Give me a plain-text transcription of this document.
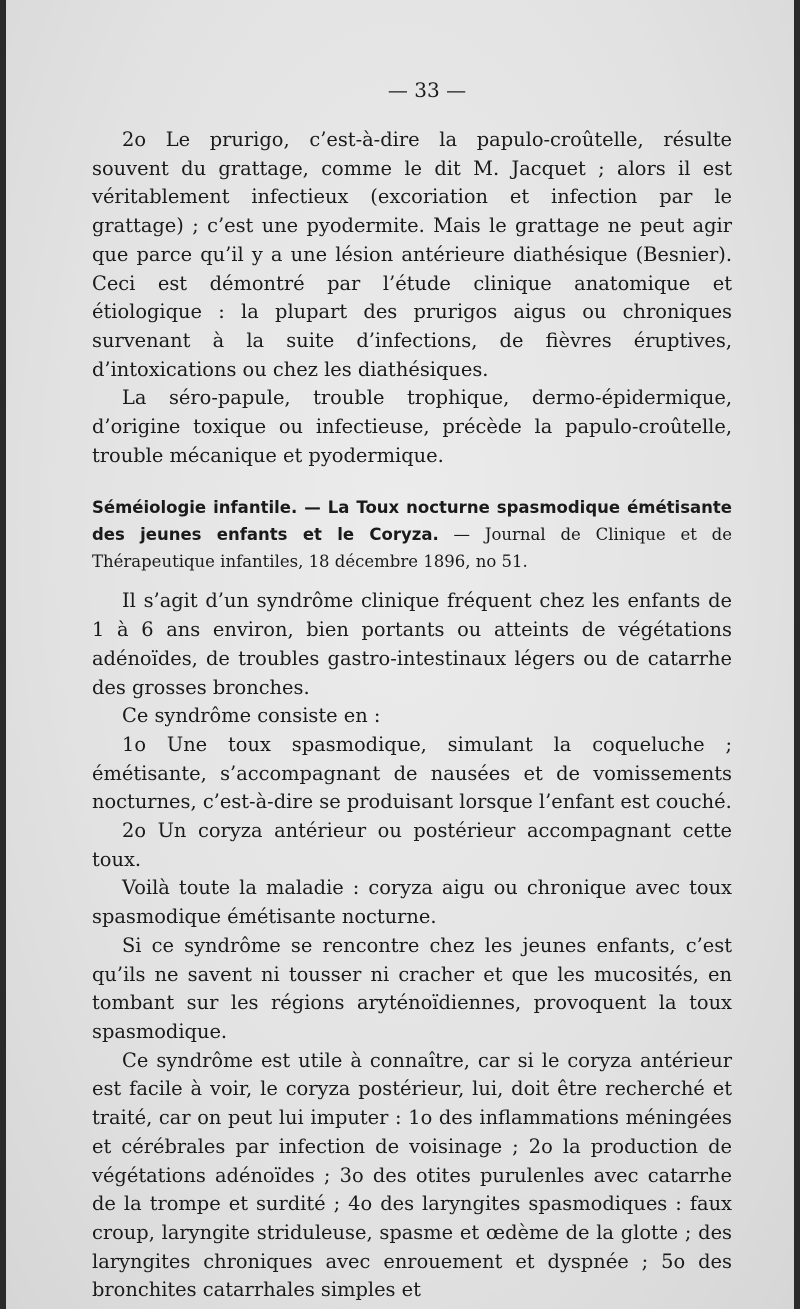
— 33 —

2o Le prurigo, c’est-à-dire la papulo-croûtelle, résulte souvent du grattage, comme le dit M. Jacquet ; alors il est véritablement infectieux (excoriation et infection par le grattage) ; c’est une pyodermite. Mais le grattage ne peut agir que parce qu’il y a une lésion antérieure diathésique (Besnier). Ceci est démontré par l’étude clinique anatomique et étiologique : la plupart des prurigos aigus ou chroniques survenant à la suite d’infections, de fièvres éruptives, d’intoxications ou chez les diathésiques.

La séro-papule, trouble trophique, dermo-épidermique, d’origine toxique ou infectieuse, précède la papulo-croûtelle, trouble mécanique et pyodermique.

Séméiologie infantile. — La Toux nocturne spasmodique émétisante des jeunes enfants et le Coryza. — Journal de Clinique et de Thérapeutique infantiles, 18 décembre 1896, no 51.

Il s’agit d’un syndrôme clinique fréquent chez les enfants de 1 à 6 ans environ, bien portants ou atteints de végétations adénoïdes, de troubles gastro-intestinaux légers ou de catarrhe des grosses bronches.

Ce syndrôme consiste en :

1o Une toux spasmodique, simulant la coqueluche ; émétisante, s’accompagnant de nausées et de vomissements nocturnes, c’est-à-dire se produisant lorsque l’enfant est couché.

2o Un coryza antérieur ou postérieur accompagnant cette toux.

Voilà toute la maladie : coryza aigu ou chronique avec toux spasmodique émétisante nocturne.

Si ce syndrôme se rencontre chez les jeunes enfants, c’est qu’ils ne savent ni tousser ni cracher et que les mucosités, en tombant sur les régions aryténoïdiennes, provoquent la toux spasmodique.

Ce syndrôme est utile à connaître, car si le coryza antérieur est facile à voir, le coryza postérieur, lui, doit être recherché et traité, car on peut lui imputer : 1o des inflammations méningées et cérébrales par infection de voisinage ; 2o la production de végétations adénoïdes ; 3o des otites purulenles avec catarrhe de la trompe et surdité ; 4o des laryngites spasmodiques : faux croup, laryngite striduleuse, spasme et œdème de la glotte ; des laryngites chroniques avec enrouement et dyspnée ; 5o des bronchites catarrhales simples et
